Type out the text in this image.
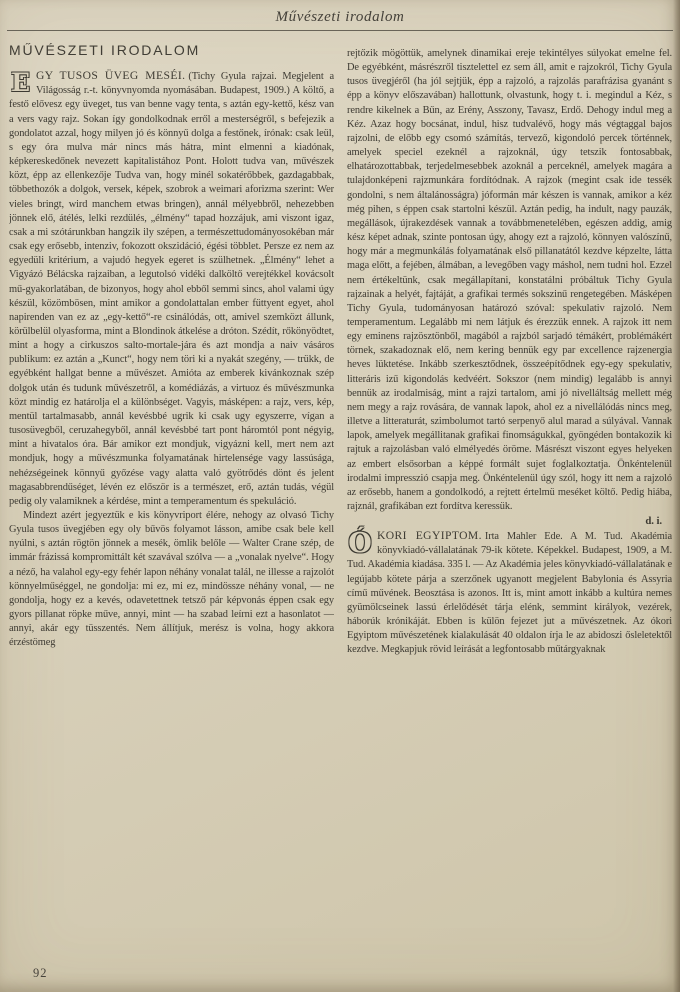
Művészeti irodalom
MŰVÉSZETI IRODALOM

EGY TUSOS ÜVEG MESÉI. (Tichy Gyula rajzai. Megjelent a Világosság r.-t. könyvnyomda nyomásában. Budapest, 1909.) A költő, a festő elővesz egy üveget, tus van benne vagy tenta, s aztán egy-kettő, kész van a vers vagy rajz. Sokan így gondolkodnak erről a mesterségről, s befejezik a gondolatot azzal, hogy milyen jó és könnyű dolga a festőnek, írónak: csak leül, s egy óra mulva már nincs más hátra, mint elmenni a kiadónak, képkereskedőnek nevezett kapitalistához Pont. Holott tudva van, művészek közt, épp az ellenkezője Tudva van, hogy minél sokatérőbbek, gazdagabbak, többethozók a dolgok, versek, képek, szobrok a weimari aforizma szerint: Wer vieles bringt, wird manchem etwas bringen), annál mélyebbről, nehezebben jönnek elő, átélés, lelki rezdülés, „élmény“ tapad hozzájuk, ami viszont igaz, csak a mi szótárunkban hangzik ily szépen, a természettudományosokéban már csak egy erősebb, intenziv, fokozott okszidáció, égési többlet. Persze ez nem az egyedüli kritérium, a vajudó hegyek egeret is szülhetnek. „Élmény“ lehet a Vigyázó Bélácska rajzaiban, a legutolsó vidéki dalköltő verejtékkel kovácsolt mű-gyakorlatában, de bizonyos, hogy ahol ebből semmi sincs, ahol valami úgy készül, közömbösen, mint amikor a gondolattalan ember füttyent egyet, ahol napirenden van ez az „egy-kettő“-re csinálódás, ott, amivel szemközt állunk, körülbelül olyasforma, mint a Blondinok átkelése a dróton. Szédít, rőkönyödtet, mint a hogy a cirkuszos salto-mortale-jára és azt mondja a naiv vásáros publikum: ez aztán a „Kunct“, hogy nem töri ki a nyakát szegény, — trükk, de egyébként hallgat benne a művészet. Amióta az emberek kivánkoznak szép dolgok után és tudunk művészetről, a komédiázás, a virtuoz és művészmunka közt mindig ez határolja el a különbséget. Vagyis, másképen: a rajz, vers, kép, mentül tartalmasabb, annál kevésbbé ugrik ki csak ugy egyszerre, vígan a tusosüvegből, ceruzahegyből, annál kevésbbé tart pont háromtól pont négyig, mint a hivatalos óra. Bár amikor ezt mondjuk, vigyázni kell, mert nem azt mondjuk, hogy a művészmunka folyamatának hirtelensége vagy lassúsága, nehézségeinek könnyű győzése vagy alatta való gyötrődés dönt és jelent magasabbrendűséget, lévén ez először is a természet, erő, aztán tudás, végül pedig oly valamiknek a kérdése, mint a temperamentum és spekuláció.

Mindezt azért jegyeztük e kis könyvriport élére, nehogy az olvasó Tichy Gyula tusos üvegjében egy oly bűvös folyamot lásson, amibe csak bele kell nyúlni, s aztán rögtön jönnek a mesék, ömlik belőle — Walter Crane szép, de immár frázissá kompromittált két szavával szólva — a „vonalak nyelve“. Hogy a néző, ha valahol egy-egy fehér lapon néhány vonalat talál, ne illesse a rajzolót könnyelműséggel, ne gondolja: mi ez, mi ez, mindössze néhány vonal, — ne gondolja, hogy ez a kevés, odavetettnek tetsző pár képvonás éppen csak egy gyors pillanat röpke műve, annyi, mint — ha szabad leírni ezt a hasonlatot — annyi, akár egy tüsszentés. Nem állítjuk, merész is volna, hogy akkora érzéstömeg

rejtőzik mögöttük, amelynek dinamikai ereje tekintélyes súlyokat emelne fel. De egyébként, másrészről tisztelettel ez sem áll, amit e rajzokról, Tichy Gyula tusos üvegjéről (ha jól sejtjük, épp a rajzoló, a rajzolás parafrázisa gyanánt s épp a könyv előszavában) hallottunk, olvastunk, hogy t. i. megindul a Kéz, s rendre kikelnek a Bűn, az Erény, Asszony, Tavasz, Erdő. Dehogy indul meg a Kéz. Azaz hogy bocsánat, indul, hisz tudvalévő, hogy más végtaggal bajos rajzolni, de előbb egy csomó számítás, tervező, kigondoló percek történnek, amelyek speciel ezeknél a rajzoknál, úgy tetszik fontosabbak, elhatározottabbak, terjedelmesebbek azoknál a perceknél, amelyek magára a tulajdonképeni rajzmunkára fordítódnak. A rajzok (megint csak ide tessék gondolni, s nem általánosságra) jóformán már készen is vannak, amikor a kéz még pihen, s éppen csak startolni készül. Aztán pedig, ha indult, nagy pauzák, megállások, újrakezdések vannak a továbbmenetelében, egészen addig, amig kész képet adnak, szinte pontosan úgy, ahogy ezt a rajzoló, könnyen valószínű, hogy már a megmunkálás folyamatának első pillanatától kezdve képzelte, látta maga előtt, a fejében, álmában, a levegőben vagy máshol, nem tudni hol. Ezzel nem értékeltünk, csak megállapítani, konstatálni próbáltuk Tichy Gyula rajzainak a helyét, fajtáját, a grafikai termés sokszinű rengetegében. Másképen Tichy Gyula, tudományosan határozó szóval: spekulativ rajzoló. Nem temperamentum. Legalább mi nem látjuk és érezzük ennek. A rajzok itt nem egy eminens rajzösztönből, magából a rajzból sarjadó témákért, problémákért törnek, szakadoznak elő, nem kering bennük egy par excellence rajzenergia heves lüktetése. Inkább szerkesztődnek, összeépítődnek egy-egy spekulativ, litteráris izű kigondolás kedvéért. Sokszor (nem mindig) legalább is annyi bennük az irodalmiság, mint a rajzi tartalom, ami jó nivelláltság mellett még nem megy a rajz rovására, de vannak lapok, ahol ez a nivellálódás nincs meg, illetve a litteraturát, szimbolumot tartó serpenyő alul marad a súlyával. Vannak lapok, amelyek megállitanak grafikai finomságukkal, gyöngéden bontakozik ki rajtuk a rajzolásban való elmélyedés öröme. Másrészt viszont egyes helyeken az embert elsősorban a képpé formált sujet foglalkoztatja. Önkéntelenül irodalmi impresszió csapja meg. Önkéntelenül úgy szól, hogy itt nem a rajzoló az erősebb, hanem a gondolkodó, a rejtett értelmü meséket költő. Pedig hiába, rajznál, grafikában ezt fordítva keressük.

d. i.

ÓKORI EGYIPTOM. Irta Mahler Ede. A M. Tud. Akadémia könyvkiadó-vállalatának 79-ik kötete. Képekkel. Budapest, 1909, a M. Tud. Akadémia kiadása. 335 l. — Az Akadémia jeles könyvkiadó-vállalatának e legújabb kötete párja a szerzőnek ugyanott megjelent Babylonia és Assyria című művének. Beosztása is azonos. Itt is, mint amott inkább a kultúra nemes gyümölcseinek lassú érlelődését tárja elénk, semmint királyok, vezérek, háborúk krónikáját. Ebben is külön fejezet jut a művészetnek. Az ókori Egyiptom művészetének kialakulását 40 oldalon írja le az abidoszi ősleletektől kezdve. Megkapjuk rövid leírását a legfontosabb műtárgyaknak

92
